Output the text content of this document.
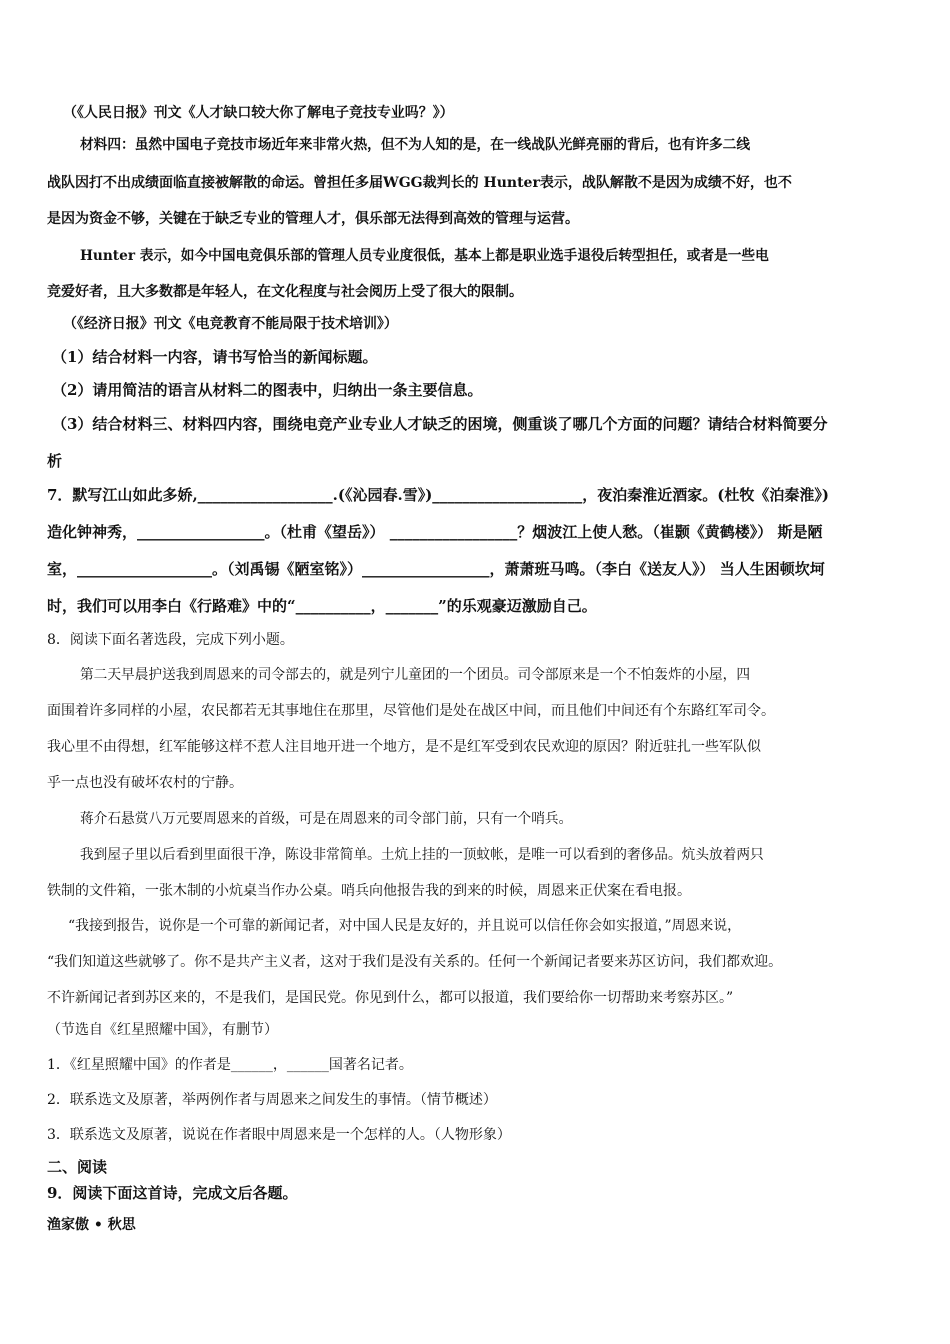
（《人民日报》刊文《人才缺口较大你了解电子竞技专业吗？》）
材料四：虽然中国电子竞技市场近年来非常火热，但不为人知的是，在一线战队光鲜亮丽的背后，也有许多二线
战队因打不出成绩面临直接被解散的命运。曾担任多届WGG裁判长的 Hunter表示，战队解散不是因为成绩不好，也不
是因为资金不够，关键在于缺乏专业的管理人才，俱乐部无法得到高效的管理与运营。
Hunter 表示，如今中国电竞俱乐部的管理人员专业度很低，基本上都是职业选手退役后转型担任，或者是一些电
竞爱好者，且大多数都是年轻人，在文化程度与社会阅历上受了很大的限制。
（《经济日报》刊文《电竞教育不能局限于技术培训》）
（1）结合材料一内容，请书写恰当的新闻标题。
（2）请用简洁的语言从材料二的图表中，归纳出一条主要信息。
（3）结合材料三、材料四内容，围绕电竞产业专业人才缺乏的困境，侧重谈了哪几个方面的问题？请结合材料简要分
析
7．默写江山如此多娇,__________________.(《沁园春.雪》)____________________，夜泊秦淮近酒家。(杜牧《泊秦淮》)
造化钟神秀，_________________。（杜甫《望岳》） _________________？烟波江上使人愁。（崔颢《黄鹤楼》） 斯是陋
室，__________________。（刘禹锡《陋室铭》）_________________，萧萧班马鸣。（李白《送友人》） 当人生困顿坎坷
时，我们可以用李白《行路难》中的“__________，_______”的乐观豪迈激励自己。
8．阅读下面名著选段，完成下列小题。
第二天早晨护送我到周恩来的司令部去的，就是列宁儿童团的一个团员。司令部原来是一个不怕轰炸的小屋，四
面围着许多同样的小屋，农民都若无其事地住在那里，尽管他们是处在战区中间，而且他们中间还有个东路红军司令。
我心里不由得想，红军能够这样不惹人注目地开进一个地方，是不是红军受到农民欢迎的原因？附近驻扎一些军队似
乎一点也没有破坏农村的宁静。
蒋介石悬赏八万元要周恩来的首级，可是在周恩来的司令部门前，只有一个哨兵。
我到屋子里以后看到里面很干净，陈设非常简单。土炕上挂的一顶蚊帐，是唯一可以看到的奢侈品。炕头放着两只
铁制的文件箱，一张木制的小炕桌当作办公桌。哨兵向他报告我的到来的时候，周恩来正伏案在看电报。
“我接到报告，说你是一个可靠的新闻记者，对中国人民是友好的，并且说可以信任你会如实报道，”周恩来说，
“我们知道这些就够了。你不是共产主义者，这对于我们是没有关系的。任何一个新闻记者要来苏区访问，我们都欢迎。
不许新闻记者到苏区来的，不是我们，是国民党。你见到什么，都可以报道，我们要给你一切帮助来考察苏区。”
（节选自《红星照耀中国》，有删节）
1．《红星照耀中国》的作者是______，______国著名记者。
2．联系选文及原著，举两例作者与周恩来之间发生的事情。（情节概述）
3．联系选文及原著，说说在作者眼中周恩来是一个怎样的人。（人物形象）
二、阅读
9．阅读下面这首诗，完成文后各题。
渔家傲 • 秋思
